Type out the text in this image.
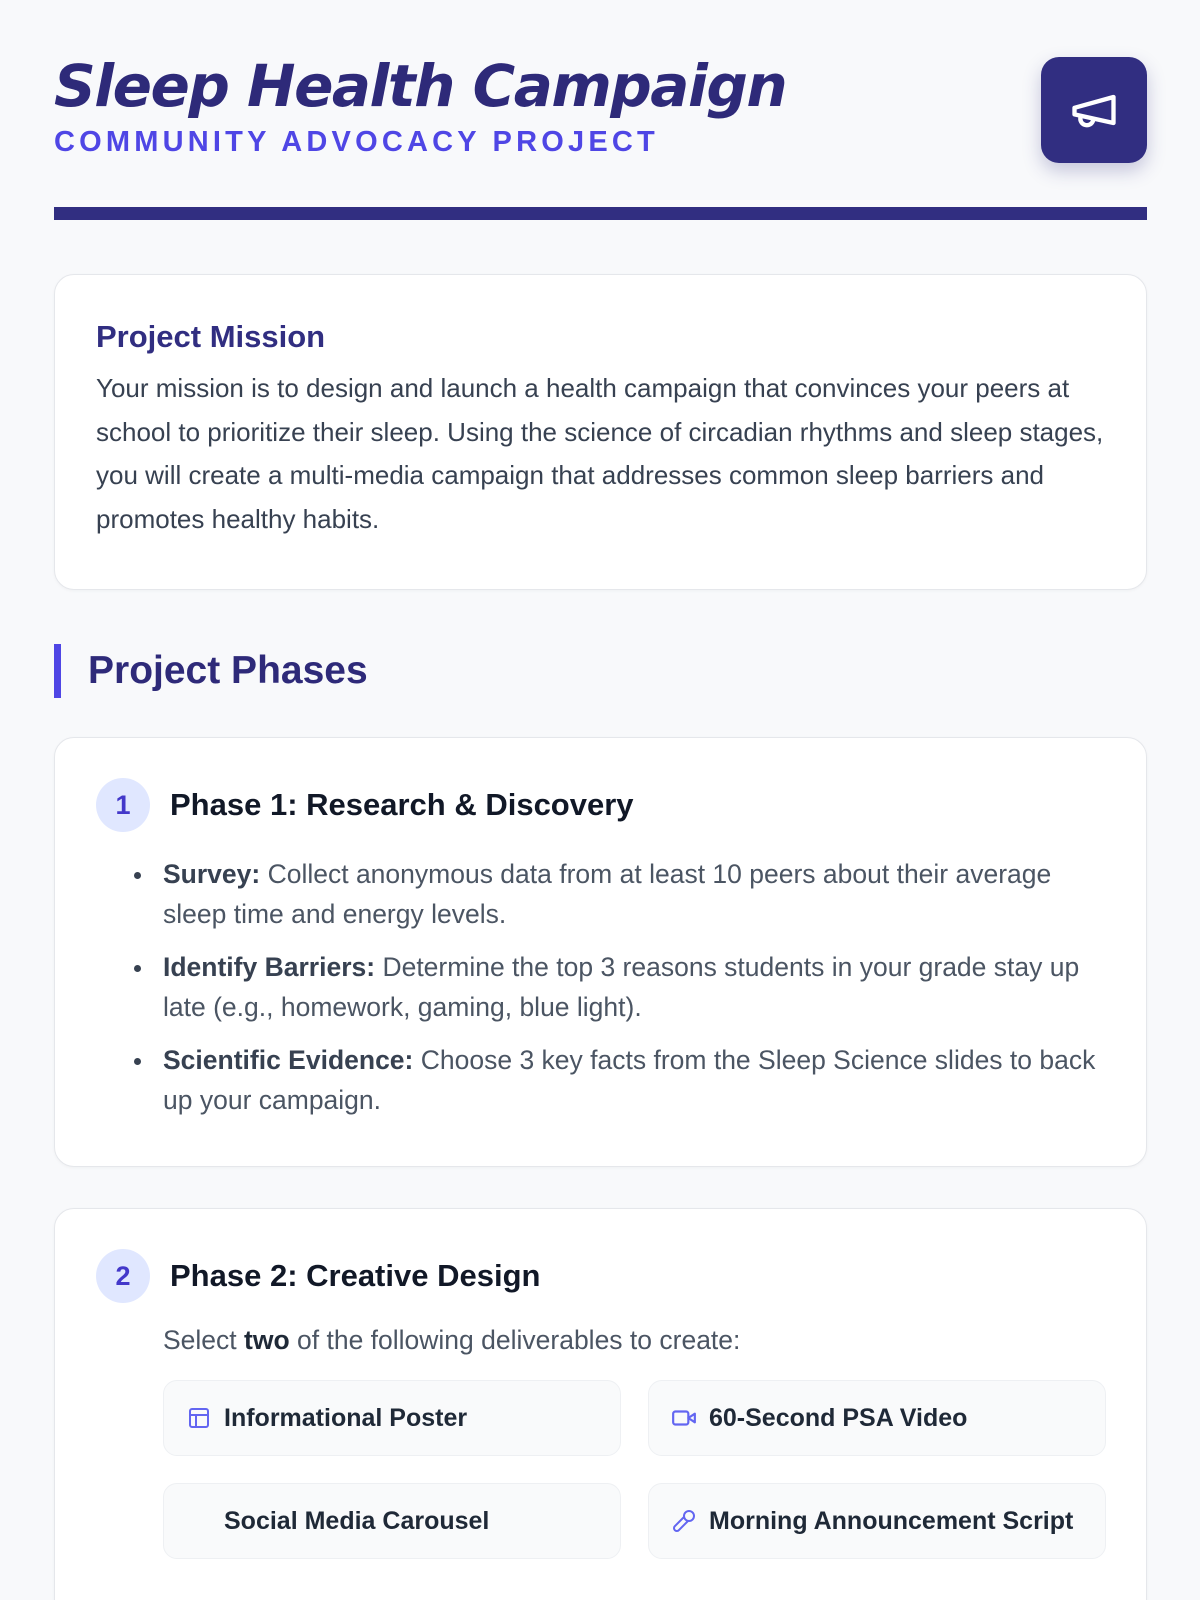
Sleep Health Campaign
COMMUNITY ADVOCACY PROJECT
Project Mission

Your mission is to design and launch a health campaign that convinces your peers at school to prioritize their sleep. Using the science of circadian rhythms and sleep stages, you will create a multi-media campaign that addresses common sleep barriers and promotes healthy habits.

Project Phases
1	Phase 1: Research & Discovery
Survey: Collect anonymous data from at least 10 peers about their average sleep time and energy levels.
Identify Barriers: Determine the top 3 reasons students in your grade stay up late (e.g., homework, gaming, blue light).
Scientific Evidence: Choose 3 key facts from the Sleep Science slides to back up your campaign.
2	Phase 2: Creative Design

Select two of the following deliverables to create:

Informational Poster	60-Second PSA Video
Social Media Carousel	Morning Announcement Script
